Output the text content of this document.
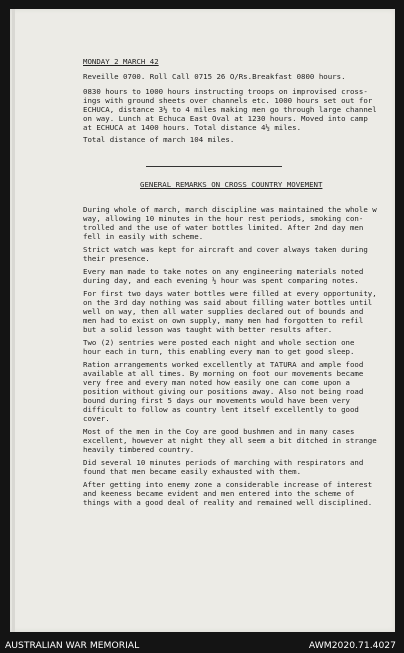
MONDAY 2 MARCH 42
Reveille 0700. Roll Call 0715 26 O/Rs.Breakfast 0800 hours.
0830 hours to 1000 hours instructing troops on improvised cross-
ings with ground sheets over channels etc. 1000 hours set out for
ECHUCA, distance 3½ to 4 miles making men go through large channel
on way. Lunch at Echuca East Oval at 1230 hours. Moved into camp
at ECHUCA at 1400 hours. Total distance 4½ miles.
Total distance of march 104 miles.
GENERAL REMARKS ON CROSS COUNTRY MOVEMENT
During whole of march, march discipline was maintained the whole w
way, allowing 10 minutes in the hour rest periods, smoking con-
trolled and the use of water bottles limited. After 2nd day men
fell in easily with scheme.
Strict watch was kept for aircraft and cover always taken during
their presence.
Every man made to take notes on any engineering materials noted
during day, and each evening ½ hour was spent comparing notes.
For first two days water bottles were filled at every opportunity,
on the 3rd day nothing was said about filling water bottles until
well on way, then all water supplies declared out of bounds and
men had to exist on own supply, many men had forgotten to refil
but a solid lesson was taught with better results after.
Two (2) sentries were posted each night and whole section one
hour each in turn, this enabling every man to get good sleep.
Ration arrangements worked excellently at TATURA and ample food
available at all times. By morning on foot our movements became
very free and every man noted how easily one can come upon a
position without giving our positions away. Also not being road
bound during first 5 days our movements would have been very
difficult to follow as country lent itself excellently to good
cover.
Most of the men in the Coy are good bushmen and in many cases
excellent, however at night they all seem a bit ditched in strange
heavily timbered country.
Did several 10 minutes periods of marching with respirators and
found that men became easily exhausted with them.
After getting into enemy zone a considerable increase of interest
and keeness became evident and men entered into the scheme of
things with a good deal of reality and remained well disciplined.
AUSTRALIAN WAR MEMORIAL	AWM2020.71.4027
